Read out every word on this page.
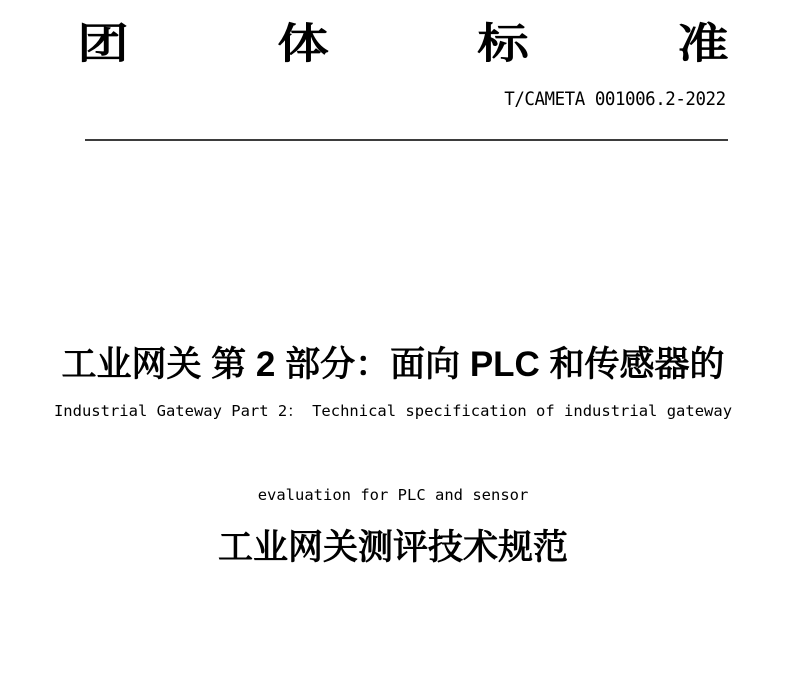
团	体	标	准
T/CAMETA 001006.2-2022

工业网关 第 2 部分：面向 PLC 和传感器的

工业网关测评技术规范

Industrial Gateway Part 2： Technical specification of industrial gateway

evaluation for PLC and sensor
